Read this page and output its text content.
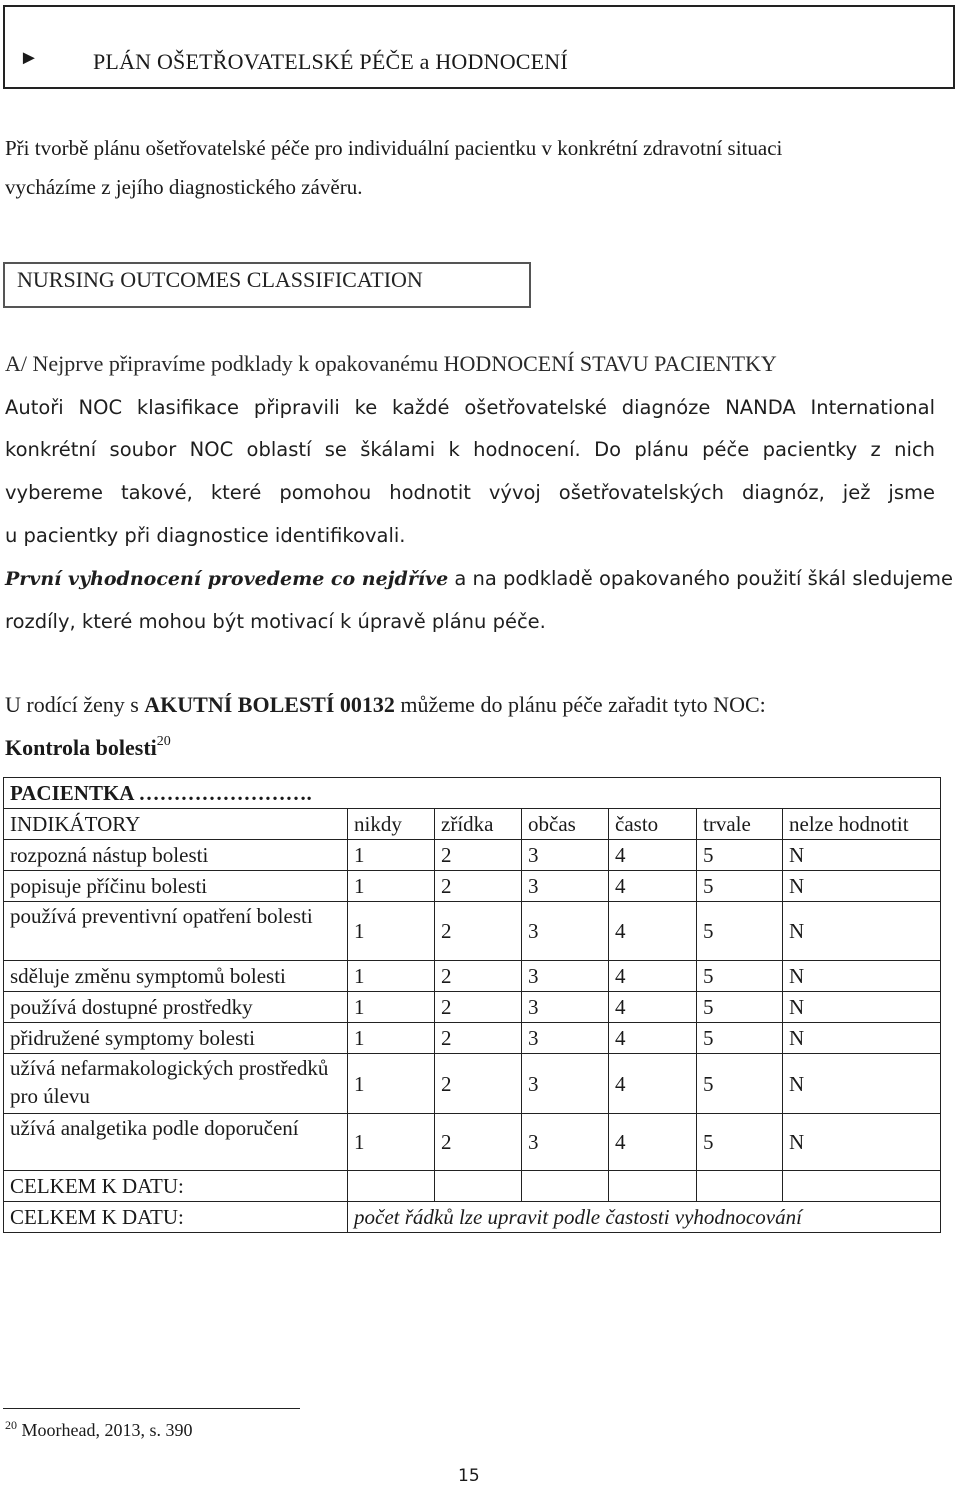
► PLÁN OŠETŘOVATELSKÉ PÉČE a HODNOCENÍ
Při tvorbě plánu ošetřovatelské péče pro individuální pacientku v konkrétní zdravotní situaci
vycházíme z jejího diagnostického závěru.
NURSING OUTCOMES CLASSIFICATION
A/ Nejprve připravíme podklady k opakovanému HODNOCENÍ STAVU PACIENTKY
Autoři NOC klasifikace připravili ke každé ošetřovatelské diagnóze NANDA International
konkrétní soubor NOC oblastí se škálami k hodnocení. Do plánu péče pacientky z nich
vybereme takové, které pomohou hodnotit vývoj ošetřovatelských diagnóz, jež jsme
u pacientky při diagnostice identifikovali.
První vyhodnocení provedeme co nejdříve a na podkladě opakovaného použití škál sledujeme
rozdíly, které mohou být motivací k úpravě plánu péče.
U rodící ženy s AKUTNÍ BOLESTÍ 00132 můžeme do plánu péče zařadit tyto NOC:
Kontrola bolesti$^{20}$
PACIENTKA …………………….						
INDIKÁTORY	nikdy	zřídka	občas	často	trvale	nelze hodnotit
rozpozná nástup bolesti	1	2	3	4	5	N
popisuje příčinu bolesti	1	2	3	4	5	N
používá preventivní opatření bolesti	1	2	3	4	5	N
sděluje změnu symptomů bolesti	1	2	3	4	5	N
používá dostupné prostředky	1	2	3	4	5	N
přidružené symptomy bolesti	1	2	3	4	5	N
užívá nefarmakologických prostředků pro úlevu	1	2	3	4	5	N
užívá analgetika podle doporučení	1	2	3	4	5	N
CELKEM K DATU:						
CELKEM K DATU:	počet řádků lze upravit podle častosti vyhodnocování					
$^{20}$ Moorhead, 2013, s. 390
15
